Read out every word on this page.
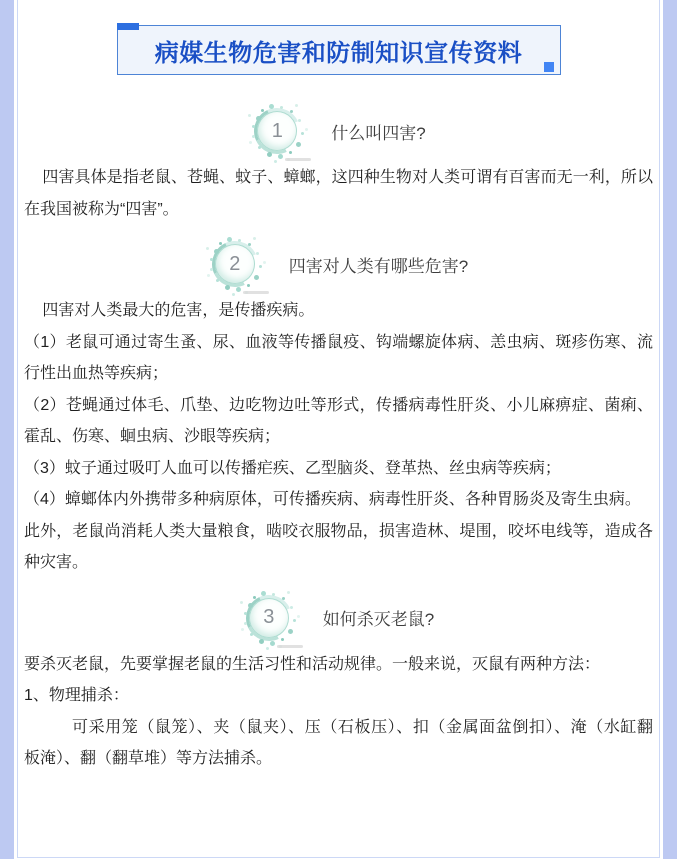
病媒生物危害和防制知识宣传资料
1	什么叫四害?

四害具体是指老鼠、苍蝇、蚊子、蟑螂，这四种生物对人类可谓有百害而无一利，所以在我国被称为“四害”。

2	四害对人类有哪些危害?

四害对人类最大的危害，是传播疾病。

（1）老鼠可通过寄生蚤、尿、血液等传播鼠疫、钩端螺旋体病、恙虫病、斑疹伤寒、流行性出血热等疾病；

（2）苍蝇通过体毛、爪垫、边吃物边吐等形式，传播病毒性肝炎、小儿麻痹症、菌痢、霍乱、伤寒、蛔虫病、沙眼等疾病；

（3）蚊子通过吸叮人血可以传播疟疾、乙型脑炎、登革热、丝虫病等疾病；

（4）蟑螂体内外携带多种病原体，可传播疾病、病毒性肝炎、各种胃肠炎及寄生虫病。

此外，老鼠尚消耗人类大量粮食，啮咬衣服物品，损害造林、堤围，咬坏电线等，造成各种灾害。

3	如何杀灭老鼠?

要杀灭老鼠，先要掌握老鼠的生活习性和活动规律。一般来说，灭鼠有两种方法：

1、物理捕杀：

可采用笼（鼠笼）、夹（鼠夹）、压（石板压）、扣（金属面盆倒扣）、淹（水缸翻　板淹）、翻（翻草堆）等方法捕杀。
